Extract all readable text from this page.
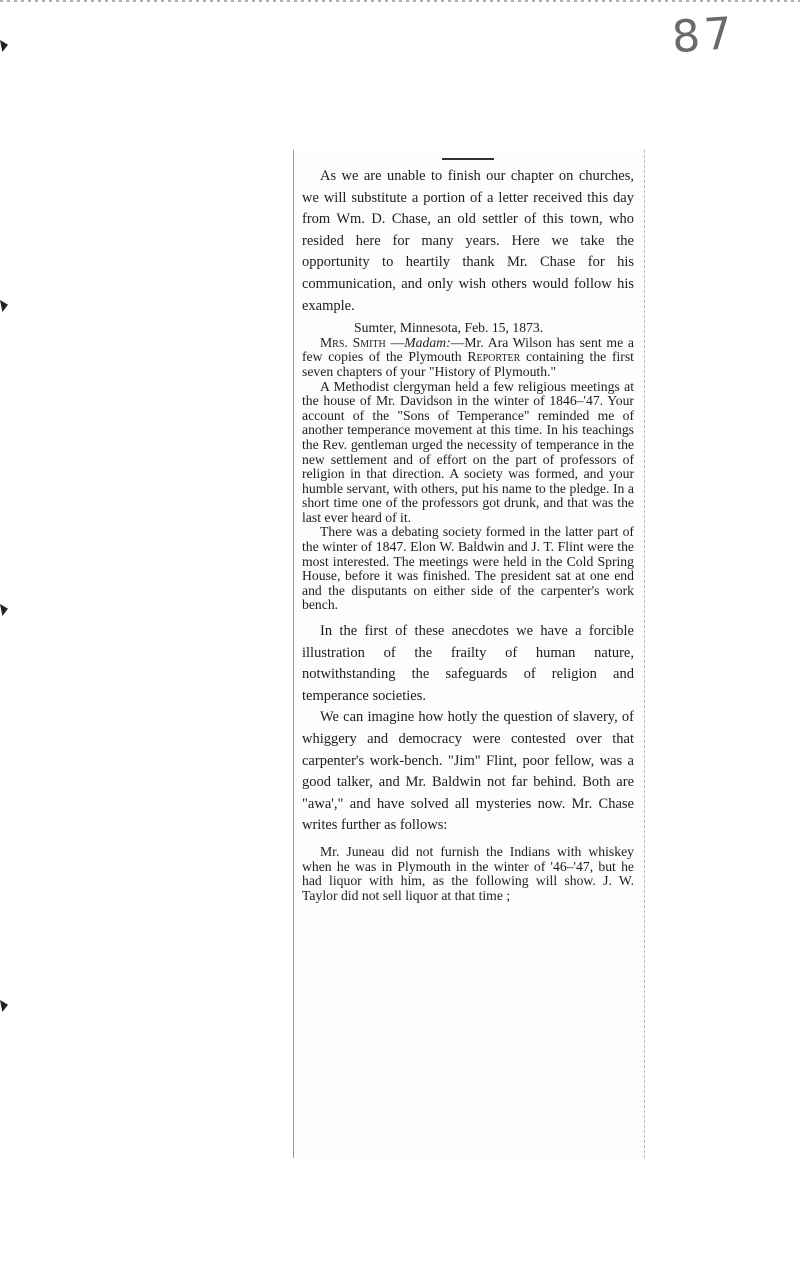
87

As we are unable to finish our chapter on churches, we will substitute a portion of a letter received this day from Wm. D. Chase, an old settler of this town, who resided here for many years. Here we take the opportunity to heartily thank Mr. Chase for his communication, and only wish others would follow his example.

Sumter, Minnesota, Feb. 15, 1873.

Mrs. Smith —Madam:—Mr. Ara Wilson has sent me a few copies of the Plymouth Reporter containing the first seven chapters of your "History of Plymouth."

A Methodist clergyman held a few religious meetings at the house of Mr. Davidson in the winter of 1846–'47. Your account of the "Sons of Temperance" reminded me of another temperance movement at this time. In his teachings the Rev. gentleman urged the necessity of temperance in the new settlement and of effort on the part of professors of religion in that direction. A society was formed, and your humble servant, with others, put his name to the pledge. In a short time one of the professors got drunk, and that was the last ever heard of it.

There was a debating society formed in the latter part of the winter of 1847. Elon W. Baldwin and J. T. Flint were the most interested. The meetings were held in the Cold Spring House, before it was finished. The president sat at one end and the disputants on either side of the carpenter's work bench.

In the first of these anecdotes we have a forcible illustration of the frailty of human nature, notwithstanding the safeguards of religion and temperance societies.

We can imagine how hotly the question of slavery, of whiggery and democracy were contested over that carpenter's work-bench. "Jim" Flint, poor fellow, was a good talker, and Mr. Baldwin not far behind. Both are "awa'," and have solved all mysteries now. Mr. Chase writes further as follows:

Mr. Juneau did not furnish the Indians with whiskey when he was in Plymouth in the winter of '46–'47, but he had liquor with him, as the following will show. J. W. Taylor did not sell liquor at that time ;
